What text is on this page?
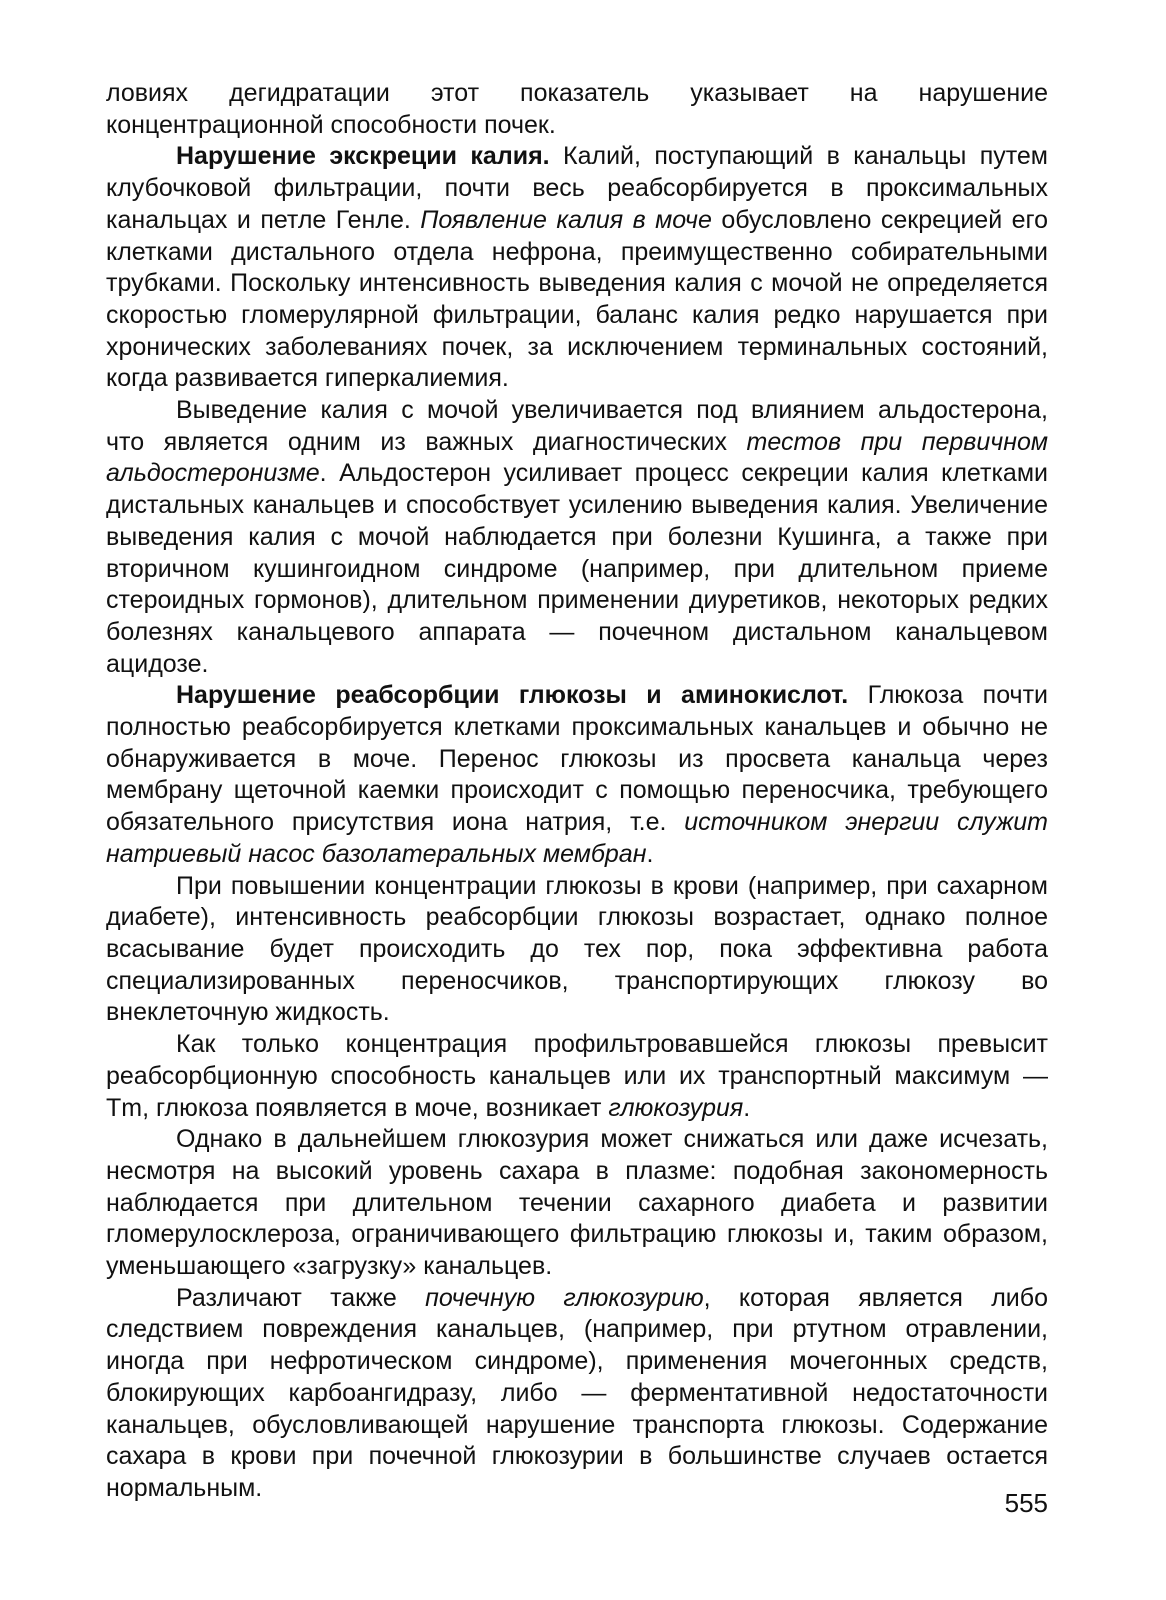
ловиях дегидратации этот показатель указывает на нарушение концентрационной способности почек.

Нарушение экскреции калия. Калий, поступающий в канальцы путем клубочковой фильтрации, почти весь реабсорбируется в проксимальных канальцах и петле Генле. Появление калия в моче обусловлено секрецией его клетками дистального отдела нефрона, преимущественно собирательными трубками. Поскольку интенсивность выведения калия с мочой не определяется скоростью гломерулярной фильтрации, баланс калия редко нарушается при хронических заболеваниях почек, за исключением терминальных состояний, когда развивается гиперкалиемия.

Выведение калия с мочой увеличивается под влиянием альдостерона, что является одним из важных диагностических тестов при первичном альдостеронизме. Альдостерон усиливает процесс секреции калия клетками дистальных канальцев и способствует усилению выведения калия. Увеличение выведения калия с мочой наблюдается при болезни Кушинга, а также при вторичном кушингоидном синдроме (например, при длительном приеме стероидных гормонов), длительном применении диуретиков, некоторых редких болезнях канальцевого аппарата — почечном дистальном канальцевом ацидозе.

Нарушение реабсорбции глюкозы и аминокислот. Глюкоза почти полностью реабсорбируется клетками проксимальных канальцев и обычно не обнаруживается в моче. Перенос глюкозы из просвета канальца через мембрану щеточной каемки происходит с помощью переносчика, требующего обязательного присутствия иона натрия, т.е. источником энергии служит натриевый насос базолатеральных мембран.

При повышении концентрации глюкозы в крови (например, при сахарном диабете), интенсивность реабсорбции глюкозы возрастает, однако полное всасывание будет происходить до тех пор, пока эффективна работа специализированных переносчиков, транспортирующих глюкозу во внеклеточную жидкость.

Как только концентрация профильтровавшейся глюкозы превысит реабсорбционную способность канальцев или их транспортный максимум — Tm, глюкоза появляется в моче, возникает глюкозурия.

Однако в дальнейшем глюкозурия может снижаться или даже исчезать, несмотря на высокий уровень сахара в плазме: подобная закономерность наблюдается при длительном течении сахарного диабета и развитии гломерулосклероза, ограничивающего фильтрацию глюкозы и, таким образом, уменьшающего «загрузку» канальцев.

Различают также почечную глюкозурию, которая является либо следствием повреждения канальцев, (например, при ртутном отравлении, иногда при нефротическом синдроме), применения мочегонных средств, блокирующих карбоангидразу, либо — ферментативной недостаточности канальцев, обусловливающей нарушение транспорта глюкозы. Содержание сахара в крови при почечной глюкозурии в большинстве случаев остается нормальным.

555
